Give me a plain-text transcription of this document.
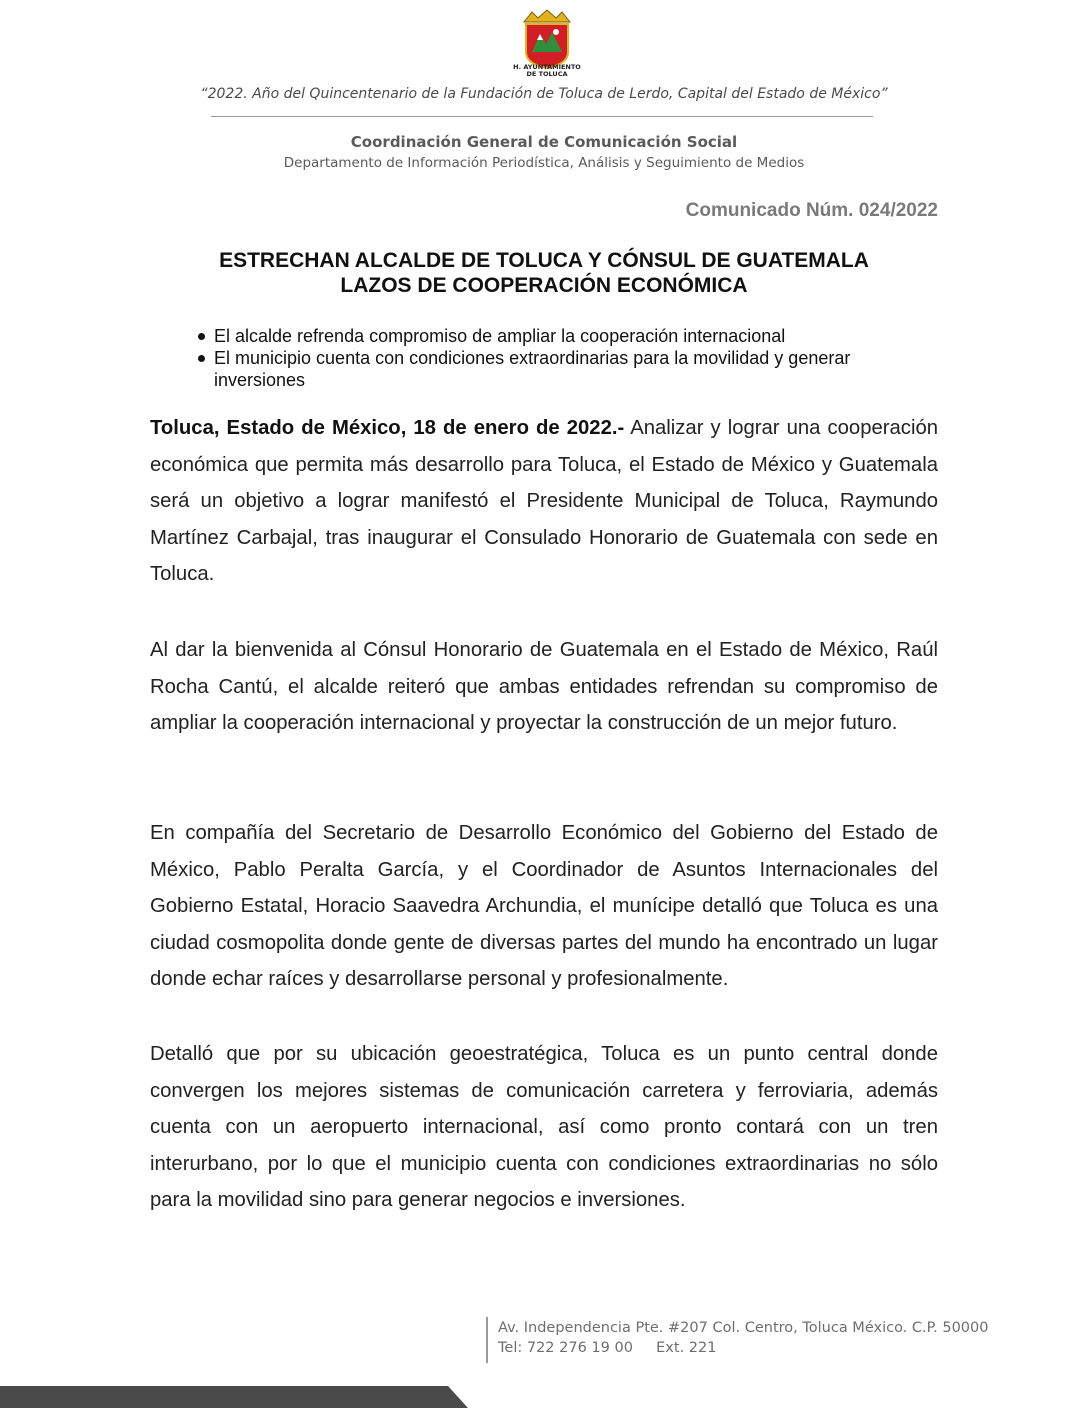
H. AYUNTAMIENTO
DE TOLUCA
“2022. Año del Quincentenario de la Fundación de Toluca de Lerdo, Capital del Estado de México”
Coordinación General de Comunicación Social
Departamento de Información Periodística, Análisis y Seguimiento de Medios
Comunicado Núm. 024/2022
ESTRECHAN ALCALDE DE TOLUCA Y CÓNSUL DE GUATEMALA
LAZOS DE COOPERACIÓN ECONÓMICA
El alcalde refrenda compromiso de ampliar la cooperación internacional
El municipio cuenta con condiciones extraordinarias para la movilidad y generar inversiones

Toluca, Estado de México, 18 de enero de 2022.- Analizar y lograr una cooperación económica que permita más desarrollo para Toluca, el Estado de México y Guatemala será un objetivo a lograr manifestó el Presidente Municipal de Toluca, Raymundo Martínez Carbajal, tras inaugurar el Consulado Honorario de Guatemala con sede en Toluca.

Al dar la bienvenida al Cónsul Honorario de Guatemala en el Estado de México, Raúl Rocha Cantú, el alcalde reiteró que ambas entidades refrendan su compromiso de ampliar la cooperación internacional y proyectar la construcción de un mejor futuro.

En compañía del Secretario de Desarrollo Económico del Gobierno del Estado de México, Pablo Peralta García, y el Coordinador de Asuntos Internacionales del Gobierno Estatal, Horacio Saavedra Archundia, el munícipe detalló que Toluca es una ciudad cosmopolita donde gente de diversas partes del mundo ha encontrado un lugar donde echar raíces y desarrollarse personal y profesionalmente.

Detalló que por su ubicación geoestratégica, Toluca es un punto central donde convergen los mejores sistemas de comunicación carretera y ferroviaria, además cuenta con un aeropuerto internacional, así como pronto contará con un tren interurbano, por lo que el municipio cuenta con condiciones extraordinarias no sólo para la movilidad sino para generar negocios e inversiones.

Av. Independencia Pte. #207 Col. Centro, Toluca México. C.P. 50000
Tel: 722 276 19 00 Ext. 221
